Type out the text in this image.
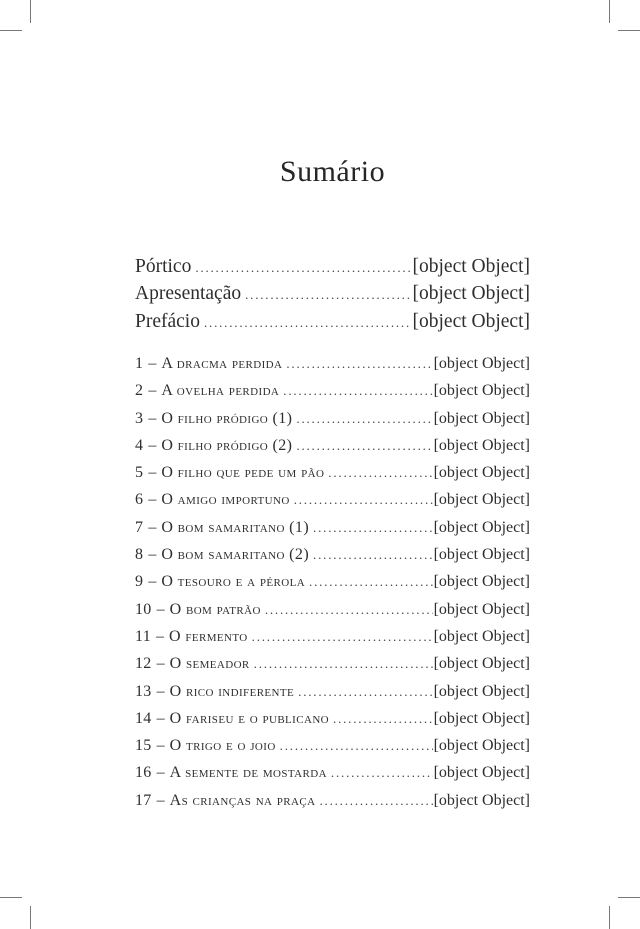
Sumário
Pórtico .....	[object Object]
Apresentação .....	[object Object]
Prefácio .....	[object Object]
1 – A dracma perdida .....	[object Object]
2 – A ovelha perdida .....	[object Object]
3 – O filho pródigo (1) .....	[object Object]
4 – O filho pródigo (2) .....	[object Object]
5 – O filho que pede um pão .....	[object Object]
6 – O amigo importuno .....	[object Object]
7 – O bom samaritano (1) .....	[object Object]
8 – O bom samaritano (2) .....	[object Object]
9 – O tesouro e a pérola .....	[object Object]
10 – O bom patrão .....	[object Object]
11 – O fermento .....	[object Object]
12 – O semeador .....	[object Object]
13 – O rico indiferente .....	[object Object]
14 – O fariseu e o publicano .....	[object Object]
15 – O trigo e o joio .....	[object Object]
16 – A semente de mostarda .....	[object Object]
17 – As crianças na praça .....	[object Object]
